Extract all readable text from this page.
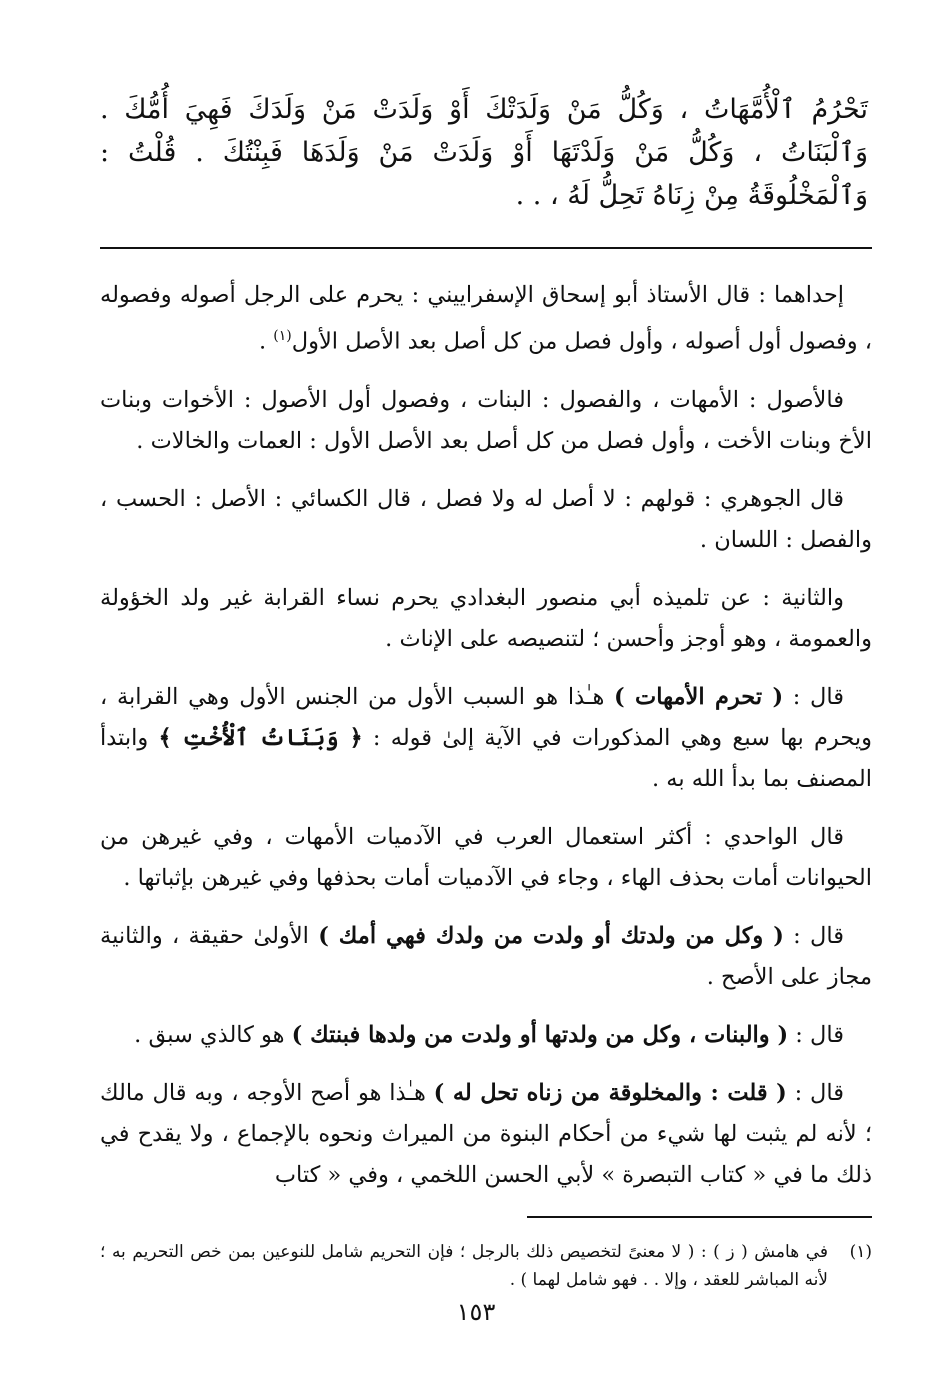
تَحْرُمُ ٱلْأُمَّهَاتُ ، وَكُلُّ مَنْ وَلَدَتْكَ أَوْ وَلَدَتْ مَنْ وَلَدَكَ فَهِيَ أُمُّكَ . وَٱلْبَنَاتُ ، وَكُلُّ مَنْ وَلَدْتَهَا أَوْ وَلَدَتْ مَنْ وَلَدَهَا فَبِنْتُكَ . قُلْتُ : وَٱلْمَخْلُوقَةُ مِنْ زِنَاهُ تَحِلُّ لَهُ ، . .

إحداهما : قال الأستاذ أبو إسحاق الإسفراييني : يحرم على الرجل أصوله وفصوله ، وفصول أول أصوله ، وأول فصل من كل أصل بعد الأصل الأول$^{(١)}$ .

فالأصول : الأمهات ، والفصول : البنات ، وفصول أول الأصول : الأخوات وبنات الأخ وبنات الأخت ، وأول فصل من كل أصل بعد الأصل الأول : العمات والخالات .

قال الجوهري : قولهم : لا أصل له ولا فصل ، قال الكسائي : الأصل : الحسب ، والفصل : اللسان .

والثانية : عن تلميذه أبي منصور البغدادي يحرم نساء القرابة غير ولد الخؤولة والعمومة ، وهو أوجز وأحسن ؛ لتنصيصه على الإناث .

قال : ( تحرم الأمهات ) هـٰذا هو السبب الأول من الجنس الأول وهي القرابة ، ويحرم بها سبع وهي المذكورات في الآية إلىٰ قوله : ﴿ وَبَنَاتُ ٱلْأُخْتِ ﴾ وابتدأ المصنف بما بدأ الله به .

قال الواحدي : أكثر استعمال العرب في الآدميات الأمهات ، وفي غيرهن من الحيوانات أمات بحذف الهاء ، وجاء في الآدميات أمات بحذفها وفي غيرهن بإثباتها .

قال : ( وكل من ولدتك أو ولدت من ولدك فهي أمك ) الأولىٰ حقيقة ، والثانية مجاز على الأصح .

قال : ( والبنات ، وكل من ولدتها أو ولدت من ولدها فبنتك ) هو كالذي سبق .

قال : ( قلت : والمخلوقة من زناه تحل له ) هـٰذا هو أصح الأوجه ، وبه قال مالك ؛ لأنه لم يثبت لها شيء من أحكام البنوة من الميراث ونحوه بالإجماع ، ولا يقدح في ذلك ما في « كتاب التبصرة » لأبي الحسن اللخمي ، وفي « كتاب

(١)
في هامش ( ز ) : ( لا معنىً لتخصيص ذلك بالرجل ؛ فإن التحريم شامل للنوعين بمن خص التحريم به ؛ لأنه المباشر للعقد ، وإلا . . فهو شامل لهما ) .

١٥٣
